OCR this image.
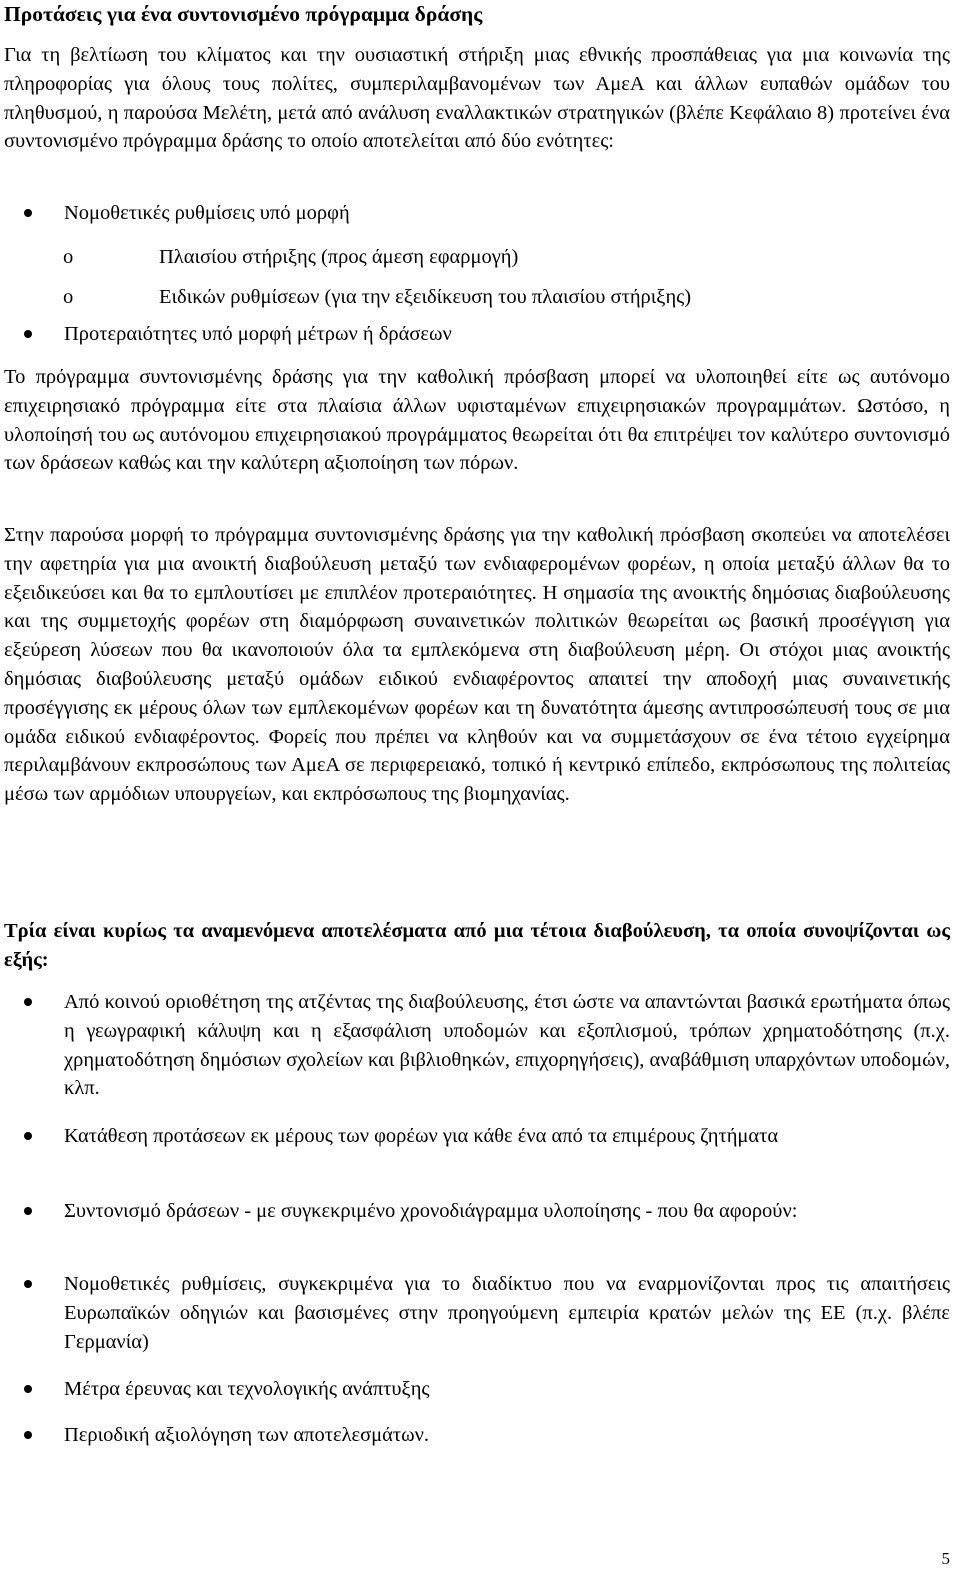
Προτάσεις για ένα συντονισμένο πρόγραμμα δράσης

Για τη βελτίωση του κλίματος και την ουσιαστική στήριξη μιας εθνικής προσπάθειας για μια κοινωνία της πληροφορίας για όλους τους πολίτες, συμπεριλαμβανομένων των ΑμεΑ και άλλων ευπαθών ομάδων του πληθυσμού, η παρούσα Μελέτη, μετά από ανάλυση εναλλακτικών στρατηγικών (βλέπε Κεφάλαιο 8) προτείνει ένα συντονισμένο πρόγραμμα δράσης το οποίο αποτελείται από δύο ενότητες:

Νομοθετικές ρυθμίσεις υπό μορφή
o	Πλαισίου στήριξης (προς άμεση εφαρμογή)
o	Ειδικών ρυθμίσεων (για την εξειδίκευση του πλαισίου στήριξης)
Προτεραιότητες υπό μορφή μέτρων ή δράσεων

Το πρόγραμμα συντονισμένης δράσης για την καθολική πρόσβαση μπορεί να υλοποιηθεί είτε ως αυτόνομο επιχειρησιακό πρόγραμμα είτε στα πλαίσια άλλων υφισταμένων επιχειρησιακών προγραμμάτων. Ωστόσο, η υλοποίησή του ως αυτόνομου επιχειρησιακού προγράμματος θεωρείται ότι θα επιτρέψει τον καλύτερο συντονισμό των δράσεων καθώς και την καλύτερη αξιοποίηση των πόρων.

Στην παρούσα μορφή το πρόγραμμα συντονισμένης δράσης για την καθολική πρόσβαση σκοπεύει να αποτελέσει την αφετηρία για μια ανοικτή διαβούλευση μεταξύ των ενδιαφερομένων φορέων, η οποία μεταξύ άλλων θα το εξειδικεύσει και θα το εμπλουτίσει με επιπλέον προτεραιότητες. Η σημασία της ανοικτής δημόσιας διαβούλευσης και της συμμετοχής φορέων στη διαμόρφωση συναινετικών πολιτικών θεωρείται ως βασική προσέγγιση για εξεύρεση λύσεων που θα ικανοποιούν όλα τα εμπλεκόμενα στη διαβούλευση μέρη. Οι στόχοι μιας ανοικτής δημόσιας διαβούλευσης μεταξύ ομάδων ειδικού ενδιαφέροντος απαιτεί την αποδοχή μιας συναινετικής προσέγγισης εκ μέρους όλων των εμπλεκομένων φορέων και τη δυνατότητα άμεσης αντιπροσώπευσή τους σε μια ομάδα ειδικού ενδιαφέροντος. Φορείς που πρέπει να κληθούν και να συμμετάσχουν σε ένα τέτοιο εγχείρημα περιλαμβάνουν εκπροσώπους των ΑμεΑ σε περιφερειακό, τοπικό ή κεντρικό επίπεδο, εκπρόσωπους της πολιτείας μέσω των αρμόδιων υπουργείων, και εκπρόσωπους της βιομηχανίας.

Τρία είναι κυρίως τα αναμενόμενα αποτελέσματα από μια τέτοια διαβούλευση, τα οποία συνοψίζονται ως εξής:

Από κοινού οριοθέτηση της ατζέντας της διαβούλευσης, έτσι ώστε να απαντώνται βασικά ερωτήματα όπως η γεωγραφική κάλυψη και η εξασφάλιση υποδομών και εξοπλισμού, τρόπων χρηματοδότησης (π.χ. χρηματοδότηση δημόσιων σχολείων και βιβλιοθηκών, επιχορηγήσεις), αναβάθμιση υπαρχόντων υποδομών, κλπ.
Κατάθεση προτάσεων εκ μέρους των φορέων για κάθε ένα από τα επιμέρους ζητήματα
Συντονισμό δράσεων - με συγκεκριμένο χρονοδιάγραμμα υλοποίησης - που θα αφορούν:
Νομοθετικές ρυθμίσεις, συγκεκριμένα για το διαδίκτυο που να εναρμονίζονται προς τις απαιτήσεις Ευρωπαϊκών οδηγιών και βασισμένες στην προηγούμενη εμπειρία κρατών μελών της ΕΕ (π.χ. βλέπε Γερμανία)
Μέτρα έρευνας και τεχνολογικής ανάπτυξης
Περιοδική αξιολόγηση των αποτελεσμάτων.
5
